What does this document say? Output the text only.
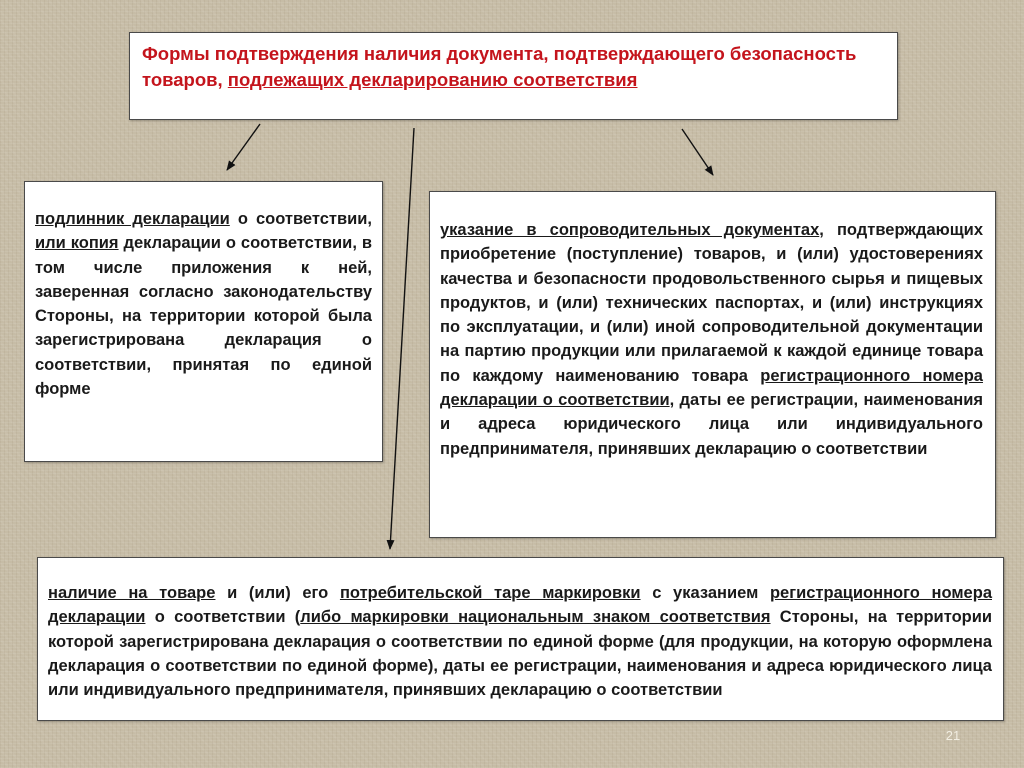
Формы подтверждения наличия документа, подтверждающего безопасность товаров, подлежащих декларированию соответствия

подлинник декларации о соответствии, или копия декларации о соответствии, в том числе приложения к ней, заверенная согласно законодательству Стороны, на территории которой была зарегистрирована декларация о соответствии, принятая по единой форме

указание в сопроводительных документах, подтверждающих приобретение (поступление) товаров, и (или) удостоверениях качества и безопасности продовольственного сырья и пищевых продуктов, и (или) технических паспортах, и (или) инструкциях по эксплуатации, и (или) иной сопроводительной документации на партию продукции или прилагаемой к каждой единице товара по каждому наименованию товара регистрационного номера декларации о соответствии, даты ее регистрации, наименования и адреса юридического лица или индивидуального предпринимателя, принявших декларацию о соответствии

наличие на товаре и (или) его потребительской таре маркировки с указанием регистрационного номера декларации о соответствии (либо маркировки национальным знаком соответствия Стороны, на территории которой зарегистрирована декларация о соответствии по единой форме (для продукции, на которую оформлена декларация о соответствии по единой форме), даты ее регистрации, наименования и адреса юридического лица или индивидуального предпринимателя, принявших декларацию о соответствии

21
